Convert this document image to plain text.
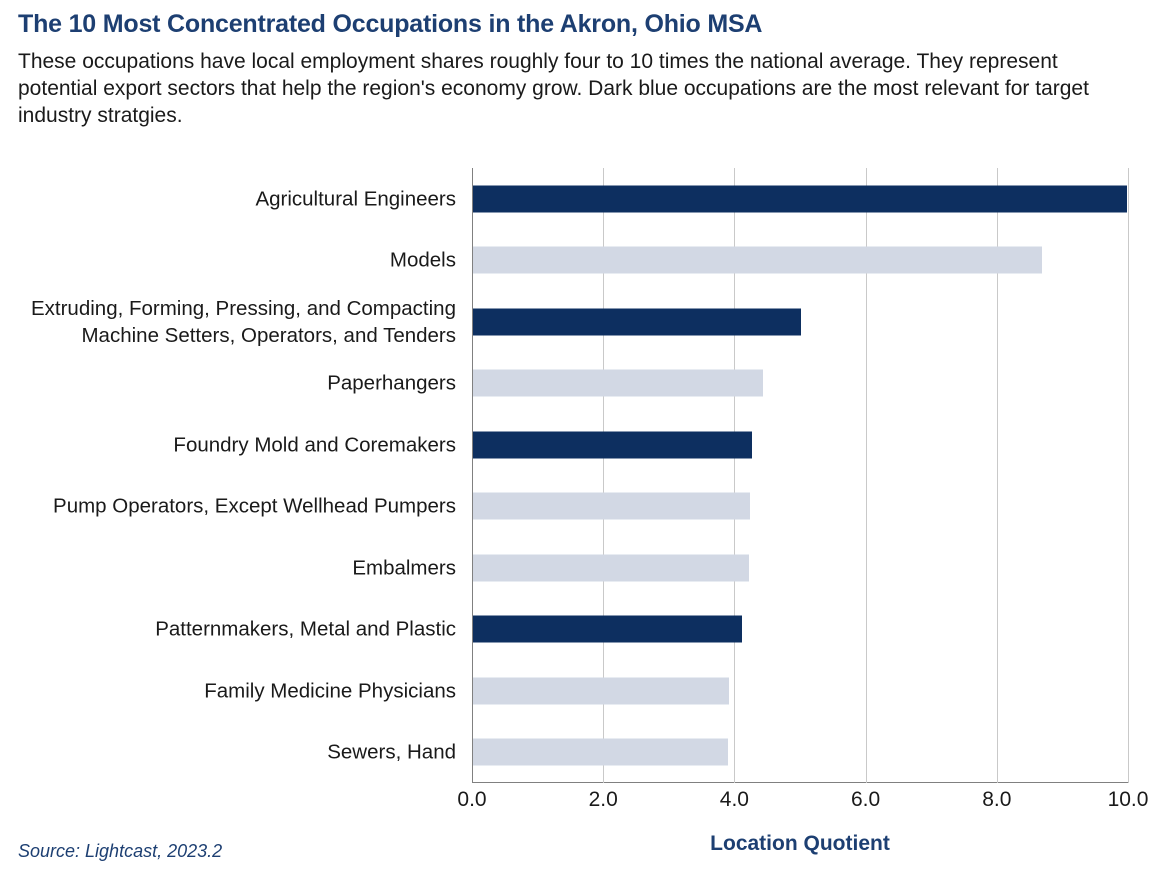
The 10 Most Concentrated Occupations in the Akron, Ohio MSA
These occupations have local employment shares roughly four to 10 times the national average. They represent potential export sectors that help the region's economy grow. Dark blue occupations are the most relevant for target industry stratgies.
Agricultural Engineers
Models
Extruding, Forming, Pressing, and Compacting Machine Setters, Operators, and Tenders
Paperhangers
Foundry Mold and Coremakers
Pump Operators, Except Wellhead Pumpers
Embalmers
Patternmakers, Metal and Plastic
Family Medicine Physicians
Sewers, Hand
Location Quotient
0.0	2.0	4.0	6.0	8.0	10.0
Source: Lightcast, 2023.2
